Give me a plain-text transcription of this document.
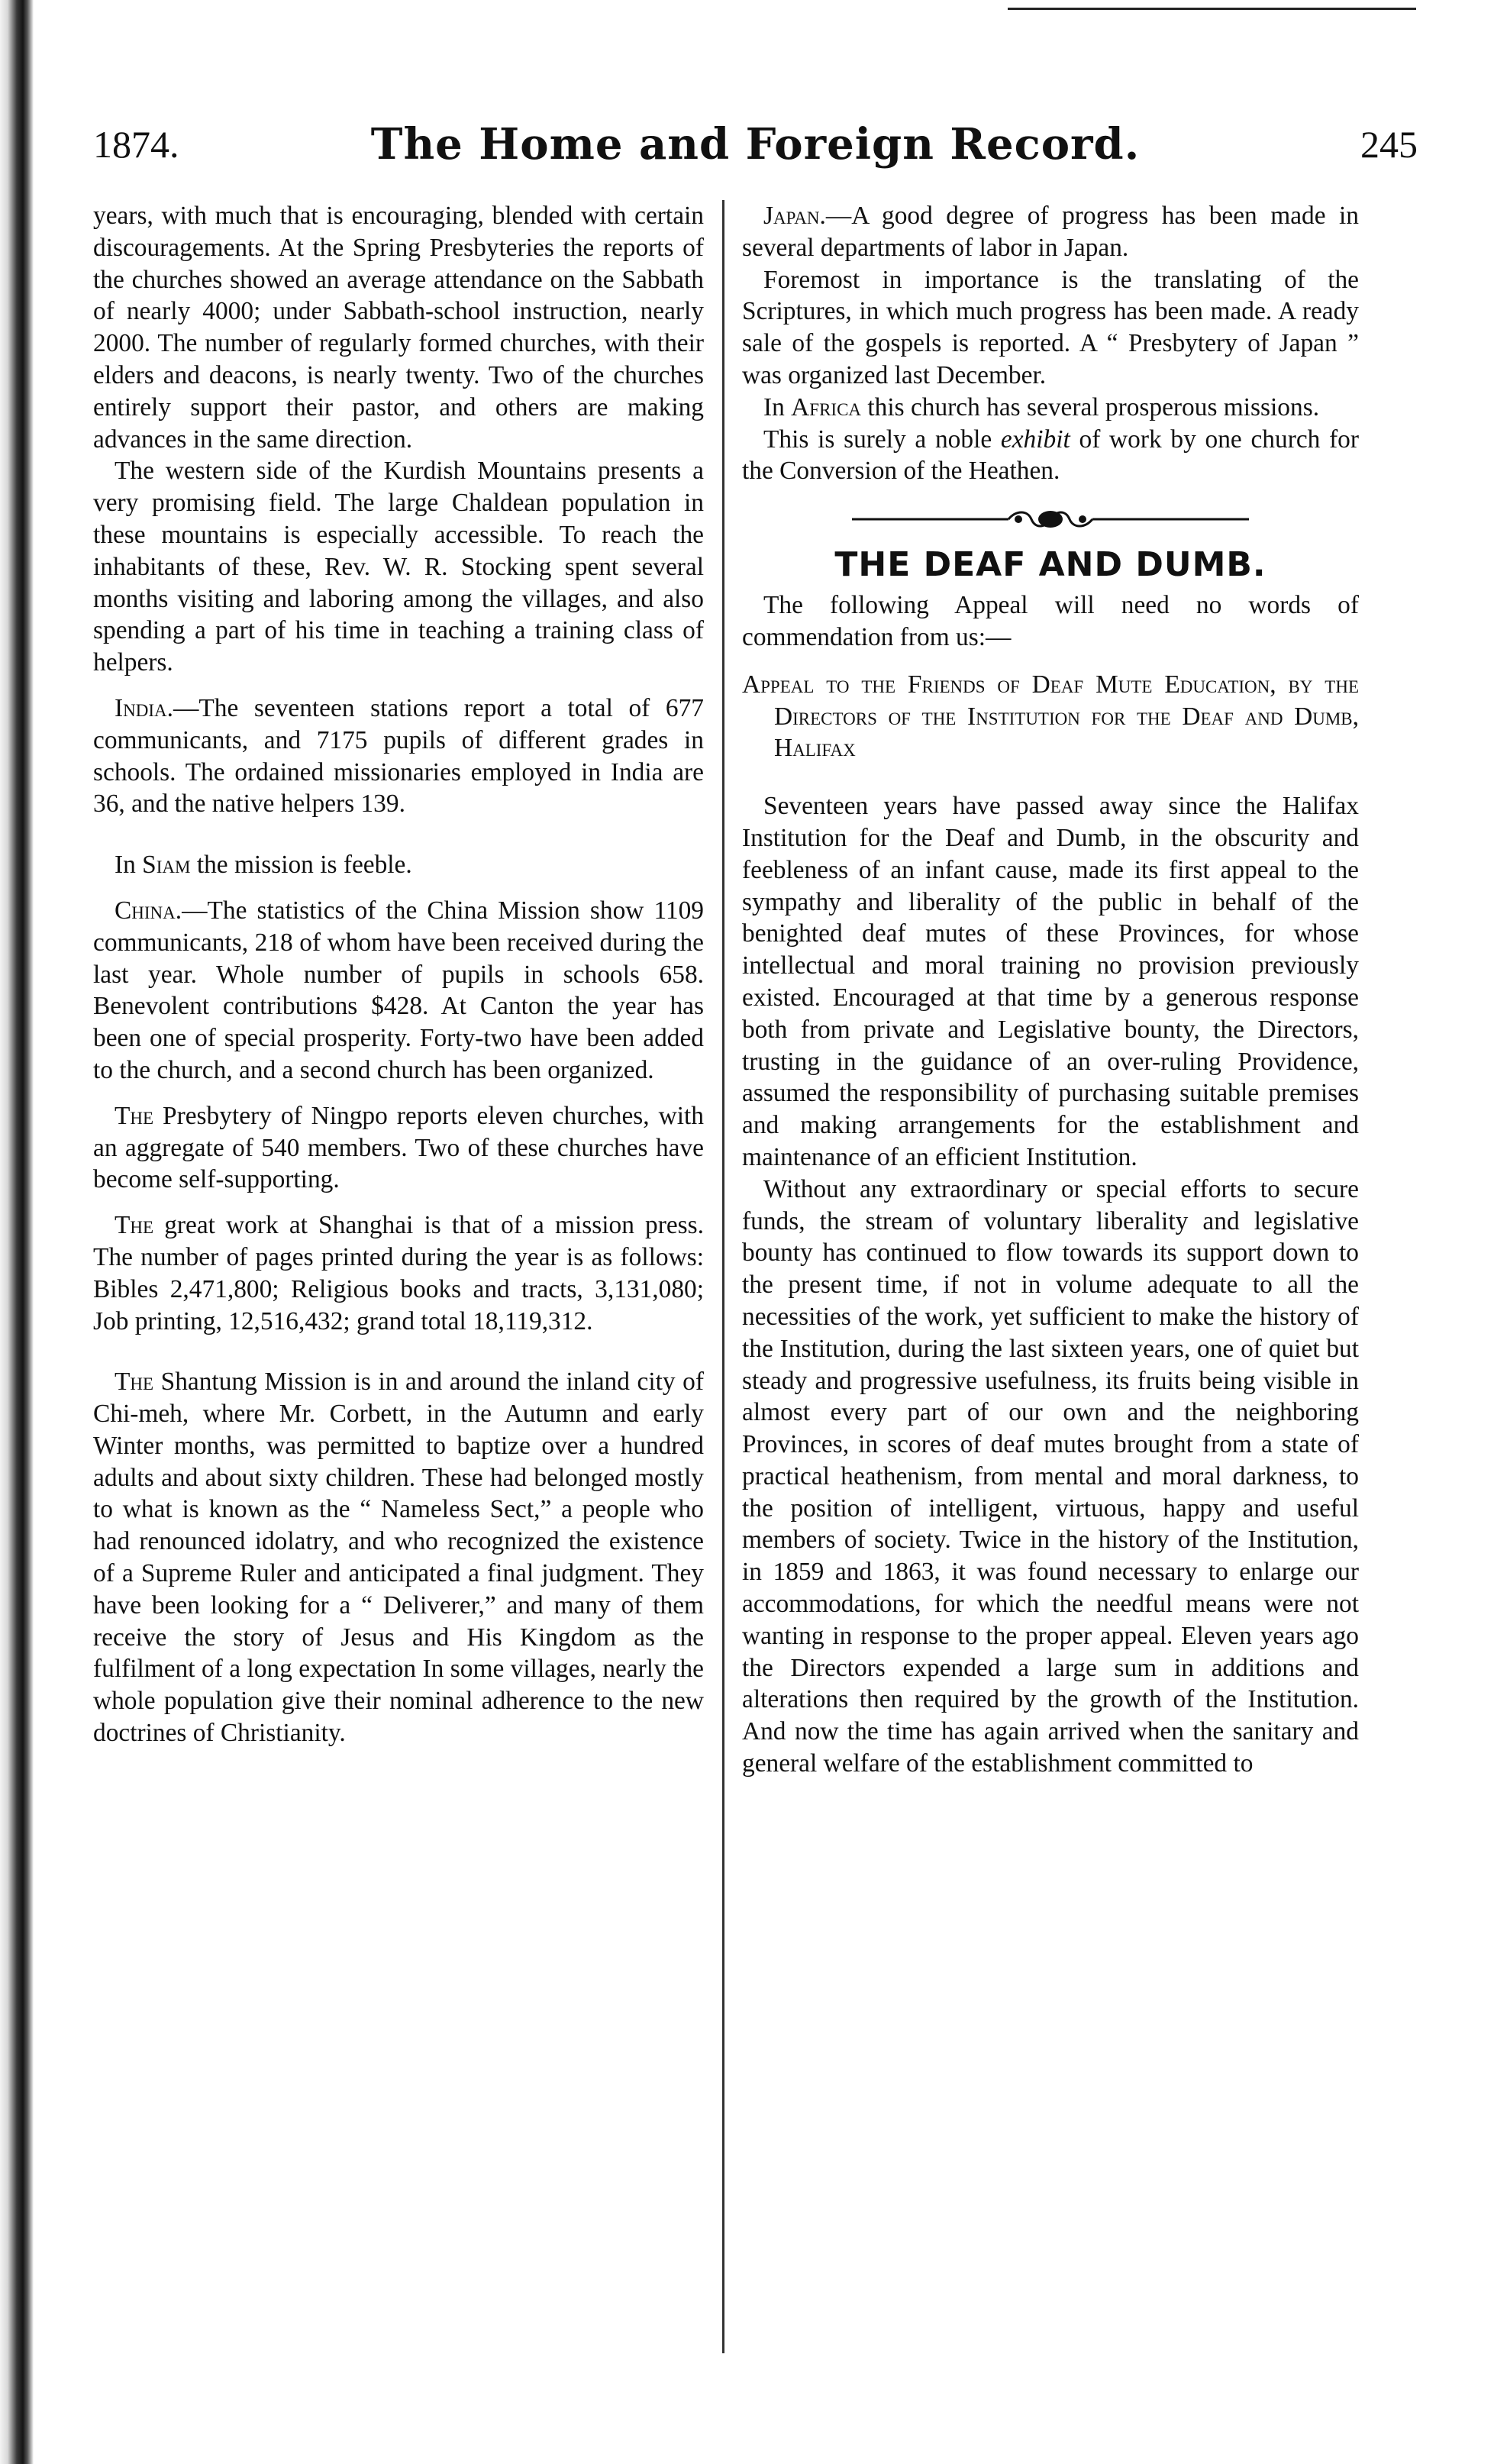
1874.	The Home and Foreign Record.	245

years, with much that is encouraging, blended with certain discouragements. At the Spring Presbyteries the reports of the churches showed an average attendance on the Sabbath of nearly 4000; under Sabbath-school instruction, nearly 2000. The number of regularly formed churches, with their elders and deacons, is nearly twenty. Two of the churches entirely support their pastor, and others are making advances in the same direction.

The western side of the Kurdish Mountains presents a very promising field. The large Chaldean population in these mountains is especially accessible. To reach the inhabitants of these, Rev. W. R. Stocking spent several months visiting and laboring among the villages, and also spending a part of his time in teaching a training class of helpers.

India.—The seventeen stations report a total of 677 communicants, and 7175 pupils of different grades in schools. The ordained missionaries employed in India are 36, and the native helpers 139.

In Siam the mission is feeble.

China.—The statistics of the China Mission show 1109 communicants, 218 of whom have been received during the last year. Whole number of pupils in schools 658. Benevolent contributions $428. At Canton the year has been one of special prosperity. Forty-two have been added to the church, and a second church has been organized.

The Presbytery of Ningpo reports eleven churches, with an aggregate of 540 members. Two of these churches have become self-supporting.

The great work at Shanghai is that of a mission press. The number of pages printed during the year is as follows: Bibles 2,471,800; Religious books and tracts, 3,131,080; Job printing, 12,516,432; grand total 18,119,312.

The Shantung Mission is in and around the inland city of Chi-meh, where Mr. Corbett, in the Autumn and early Winter months, was permitted to baptize over a hundred adults and about sixty children. These had belonged mostly to what is known as the “ Nameless Sect,” a people who had renounced idolatry, and who recognized the existence of a Supreme Ruler and anticipated a final judgment. They have been looking for a “ Deliverer,” and many of them receive the story of Jesus and His Kingdom as the fulfilment of a long expectation In some villages, nearly the whole population give their nominal adherence to the new doctrines of Christianity.

Japan.—A good degree of progress has been made in several departments of labor in Japan.

Foremost in importance is the translating of the Scriptures, in which much progress has been made. A ready sale of the gospels is reported. A “ Presbytery of Japan ” was organized last December.

In Africa this church has several prosperous missions.

This is surely a noble exhibit of work by one church for the Conversion of the Heathen.

THE DEAF AND DUMB.

The following Appeal will need no words of commendation from us:—

Appeal to the Friends of Deaf Mute Education, by the Directors of the Institution for the Deaf and Dumb, Halifax

Seventeen years have passed away since the Halifax Institution for the Deaf and Dumb, in the obscurity and feebleness of an infant cause, made its first appeal to the sympathy and liberality of the public in behalf of the benighted deaf mutes of these Provinces, for whose intellectual and moral training no provision previously existed. Encouraged at that time by a generous response both from private and Legislative bounty, the Directors, trusting in the guidance of an over-ruling Providence, assumed the responsibility of purchasing suitable premises and making arrangements for the establishment and maintenance of an efficient Institution.

Without any extraordinary or special efforts to secure funds, the stream of voluntary liberality and legislative bounty has continued to flow towards its support down to the present time, if not in volume adequate to all the necessities of the work, yet sufficient to make the history of the Institution, during the last sixteen years, one of quiet but steady and progressive usefulness, its fruits being visible in almost every part of our own and the neighboring Provinces, in scores of deaf mutes brought from a state of practical heathenism, from mental and moral darkness, to the position of intelligent, virtuous, happy and useful members of society. Twice in the history of the Institution, in 1859 and 1863, it was found necessary to enlarge our accommodations, for which the needful means were not wanting in response to the proper appeal. Eleven years ago the Directors expended a large sum in additions and alterations then required by the growth of the Institution. And now the time has again arrived when the sanitary and general welfare of the establishment committed to
